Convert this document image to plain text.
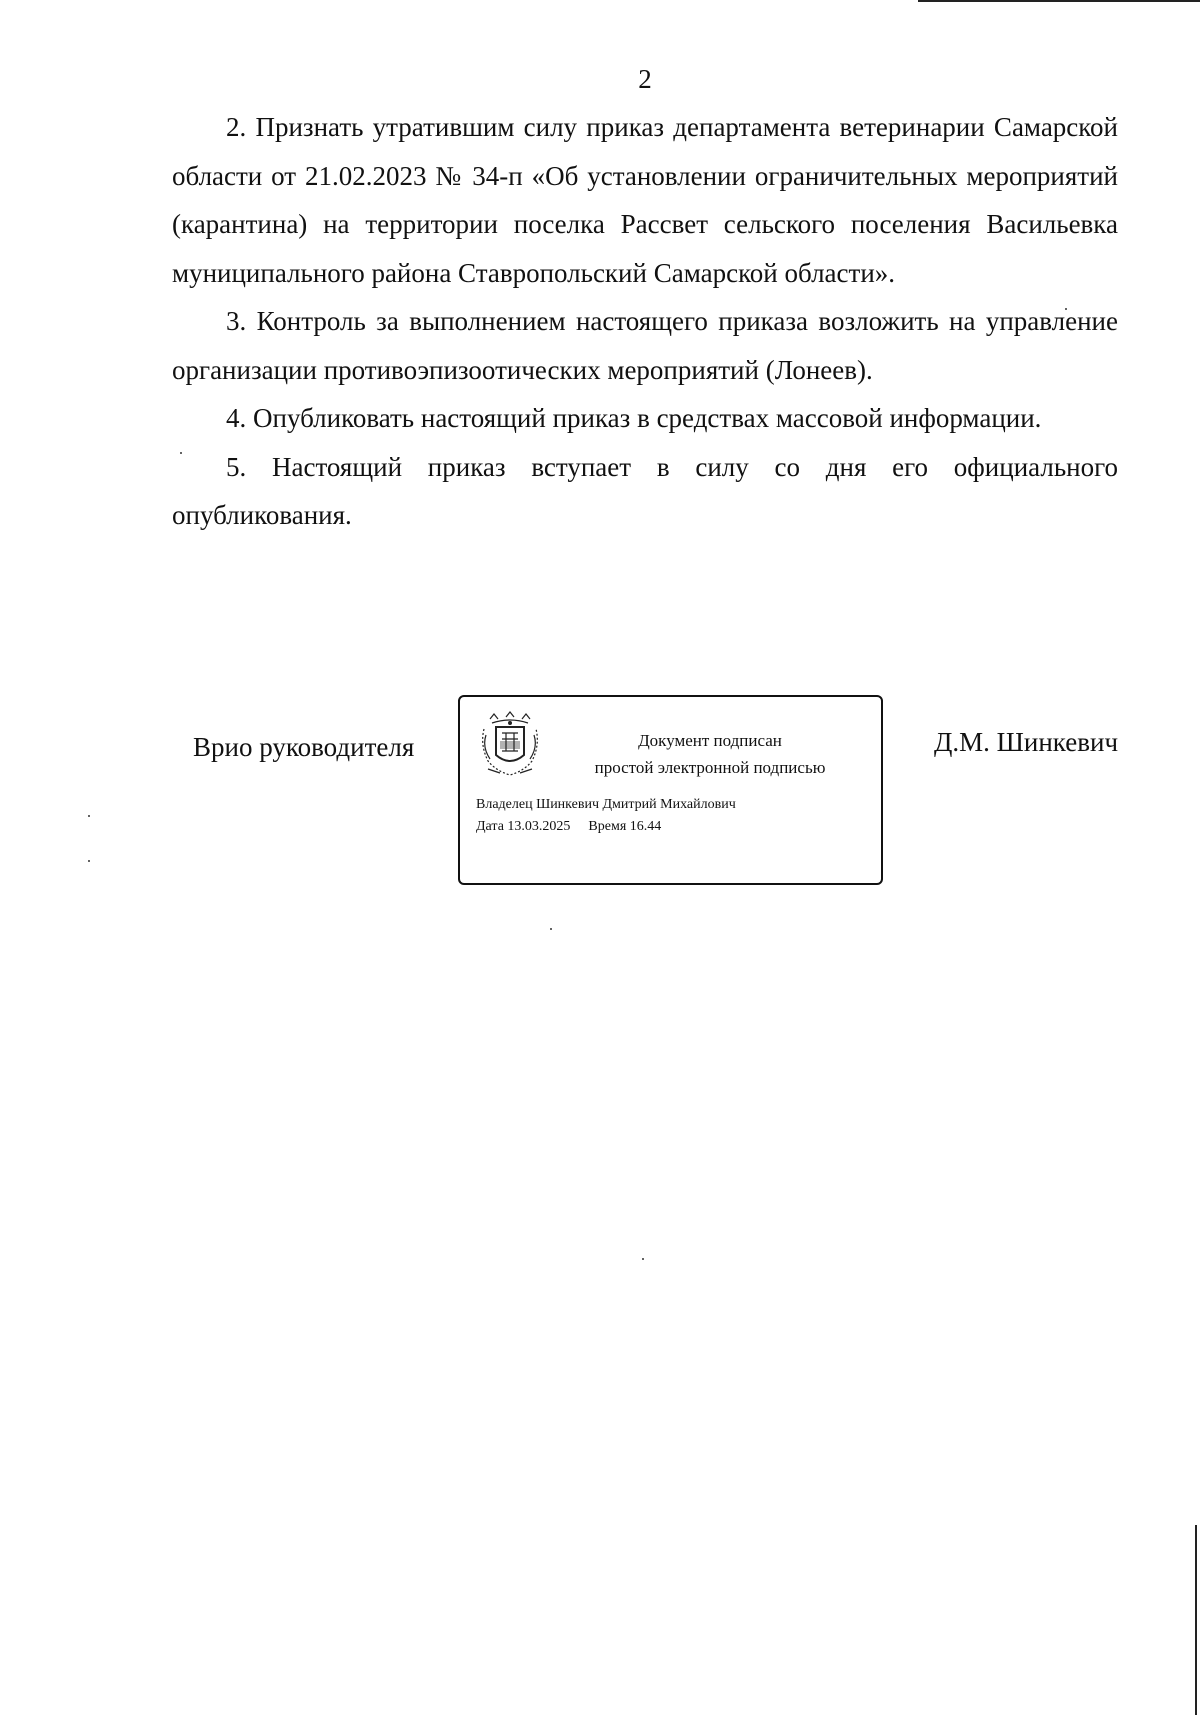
2

2. Признать утратившим силу приказ департамента ветеринарии Самарской области от 21.02.2023 № 34-п «Об установлении ограничительных мероприятий (карантина) на территории поселка Рассвет сельского поселения Васильевка муниципального района Ставропольский Самарской области».

3. Контроль за выполнением настоящего приказа возложить на управление организации противоэпизоотических мероприятий (Лонеев).

4. Опубликовать настоящий приказ в средствах массовой информации.

5. Настоящий приказ вступает в силу со дня его официального опубликования.

Врио руководителя	Документ подписан
простой электронной подписью
Владелец Шинкевич Дмитрий Михайлович
Дата 13.03.2025 Время 16.44
Д.М. Шинкевич
